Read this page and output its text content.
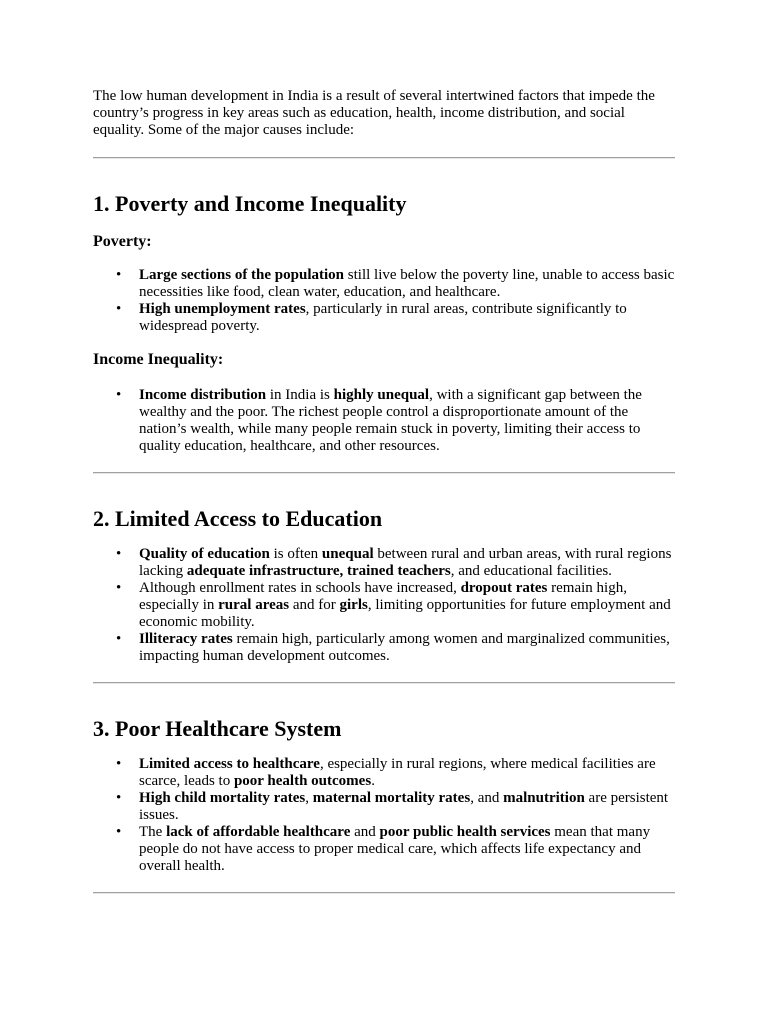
The low human development in India is a result of several intertwined factors that impede the country’s progress in key areas such as education, health, income distribution, and social equality. Some of the major causes include:

1. Poverty and Income Inequality
Poverty:
• Large sections of the population still live below the poverty line, unable to access basic necessities like food, clean water, education, and healthcare.
• High unemployment rates, particularly in rural areas, contribute significantly to widespread poverty.
Income Inequality:
• Income distribution in India is highly unequal, with a significant gap between the wealthy and the poor. The richest people control a disproportionate amount of the nation’s wealth, while many people remain stuck in poverty, limiting their access to quality education, healthcare, and other resources.
2. Limited Access to Education
• Quality of education is often unequal between rural and urban areas, with rural regions lacking adequate infrastructure, trained teachers, and educational facilities.
• Although enrollment rates in schools have increased, dropout rates remain high, especially in rural areas and for girls, limiting opportunities for future employment and economic mobility.
• Illiteracy rates remain high, particularly among women and marginalized communities, impacting human development outcomes.
3. Poor Healthcare System
• Limited access to healthcare, especially in rural regions, where medical facilities are scarce, leads to poor health outcomes.
• High child mortality rates, maternal mortality rates, and malnutrition are persistent issues.
• The lack of affordable healthcare and poor public health services mean that many people do not have access to proper medical care, which affects life expectancy and overall health.
